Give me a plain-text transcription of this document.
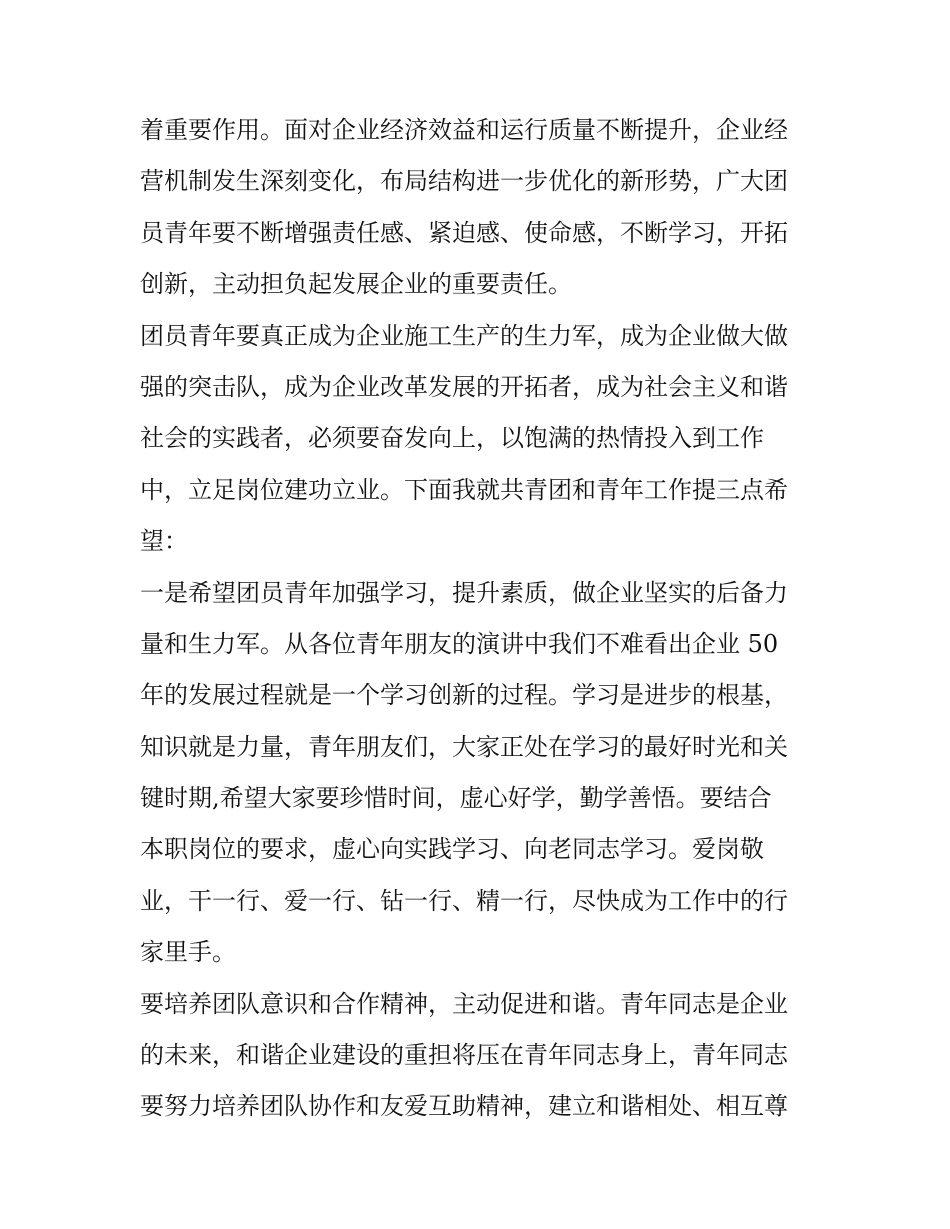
着重要作用。面对企业经济效益和运行质量不断提升，企业经
营机制发生深刻变化，布局结构进一步优化的新形势，广大团
员青年要不断增强责任感、紧迫感、使命感，不断学习，开拓
创新，主动担负起发展企业的重要责任。
团员青年要真正成为企业施工生产的生力军，成为企业做大做
强的突击队，成为企业改革发展的开拓者，成为社会主义和谐
社会的实践者，必须要奋发向上，以饱满的热情投入到工作
中，立足岗位建功立业。下面我就共青团和青年工作提三点希
望：
一是希望团员青年加强学习，提升素质，做企业坚实的后备力
量和生力军。从各位青年朋友的演讲中我们不难看出企业 50
年的发展过程就是一个学习创新的过程。学习是进步的根基，
知识就是力量，青年朋友们，大家正处在学习的最好时光和关
键时期,希望大家要珍惜时间，虚心好学，勤学善悟。要结合
本职岗位的要求，虚心向实践学习、向老同志学习。爱岗敬
业，干一行、爱一行、钻一行、精一行，尽快成为工作中的行
家里手。
要培养团队意识和合作精神，主动促进和谐。青年同志是企业
的未来，和谐企业建设的重担将压在青年同志身上，青年同志
要努力培养团队协作和友爱互助精神，建立和谐相处、相互尊
